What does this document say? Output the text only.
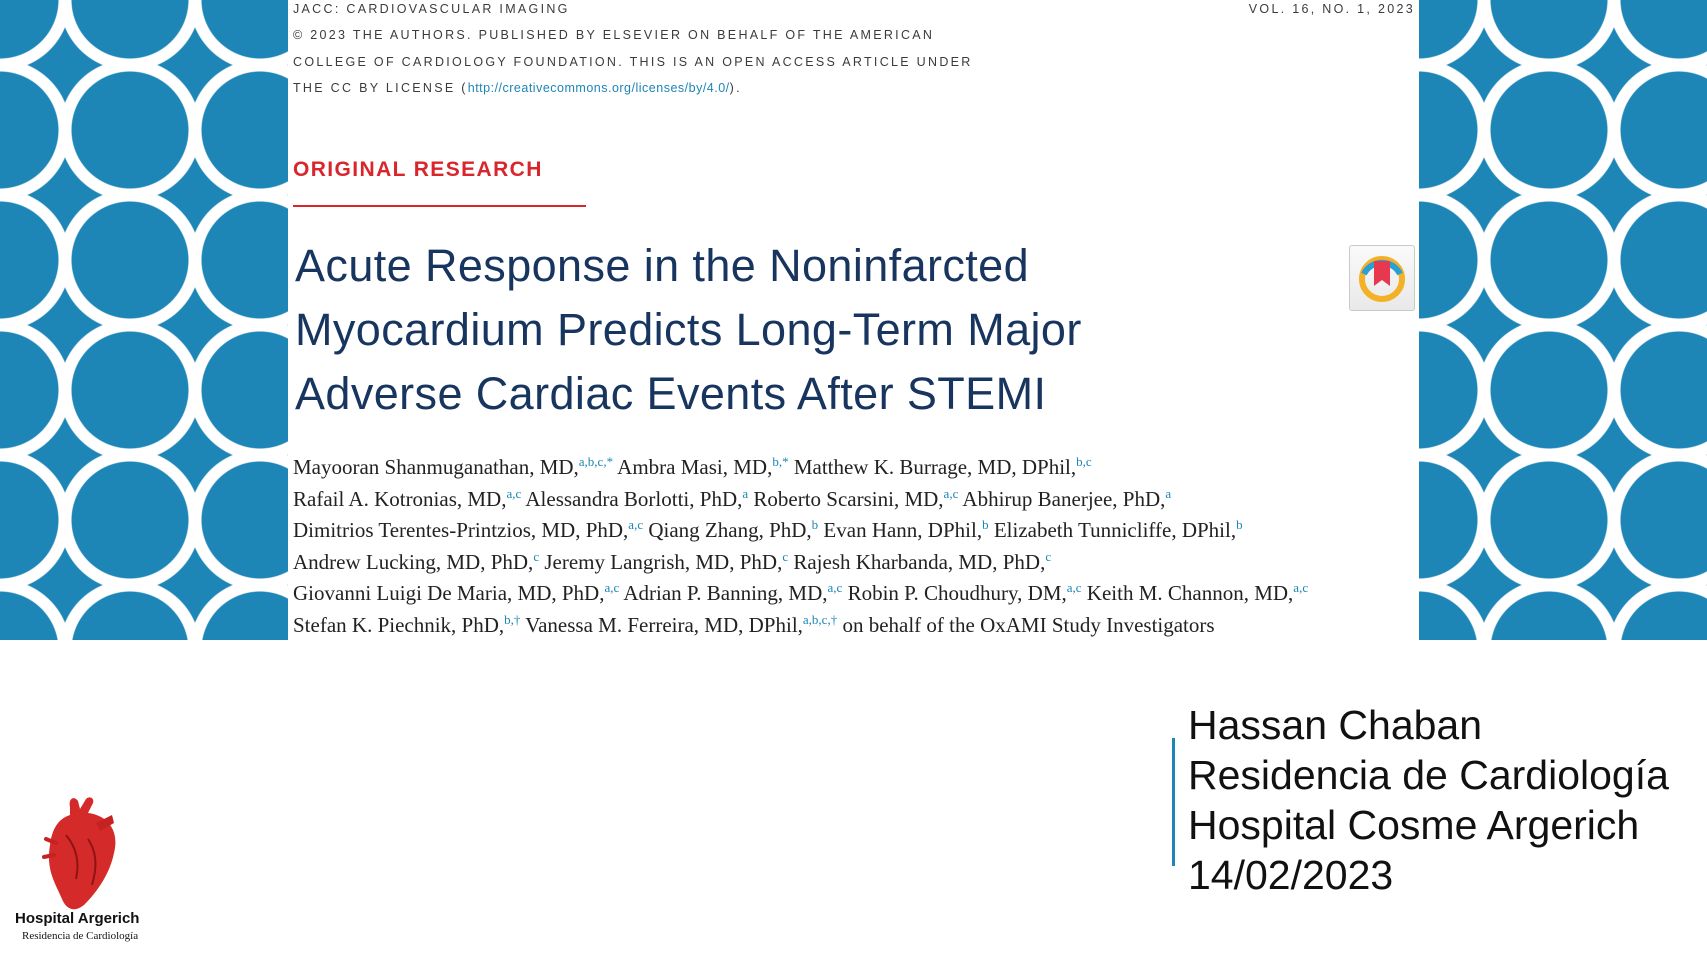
JACC: CARDIOVASCULAR IMAGING	VOL. 16, NO. 1, 2023
© 2023 THE AUTHORS. PUBLISHED BY ELSEVIER ON BEHALF OF THE AMERICAN
COLLEGE OF CARDIOLOGY FOUNDATION. THIS IS AN OPEN ACCESS ARTICLE UNDER
THE CC BY LICENSE (http://creativecommons.org/licenses/by/4.0/).
ORIGINAL RESEARCH
Acute Response in the Noninfarcted
Myocardium Predicts Long-Term Major
Adverse Cardiac Events After STEMI
Mayooran Shanmuganathan, MD,$^{a,b,c,*}$ Ambra Masi, MD,$^{b,*}$ Matthew K. Burrage, MD, DPhil,$^{b,c}$
Rafail A. Kotronias, MD,$^{a,c}$ Alessandra Borlotti, PhD,$^a$ Roberto Scarsini, MD,$^{a,c}$ Abhirup Banerjee, PhD,$^a$
Dimitrios Terentes-Printzios, MD, PhD,$^{a,c}$ Qiang Zhang, PhD,$^b$ Evan Hann, DPhil,$^b$ Elizabeth Tunnicliffe, DPhil,$^b$
Andrew Lucking, MD, PhD,$^c$ Jeremy Langrish, MD, PhD,$^c$ Rajesh Kharbanda, MD, PhD,$^c$
Giovanni Luigi De Maria, MD, PhD,$^{a,c}$ Adrian P. Banning, MD,$^{a,c}$ Robin P. Choudhury, DM,$^{a,c}$ Keith M. Channon, MD,$^{a,c}$
Stefan K. Piechnik, PhD,$^{b,\dagger}$ Vanessa M. Ferreira, MD, DPhil,$^{a,b,c,\dagger}$ on behalf of the OxAMI Study Investigators
Hospital Argerich
Residencia de Cardiología
Hassan Chaban
Residencia de Cardiología
Hospital Cosme Argerich
14/02/2023
